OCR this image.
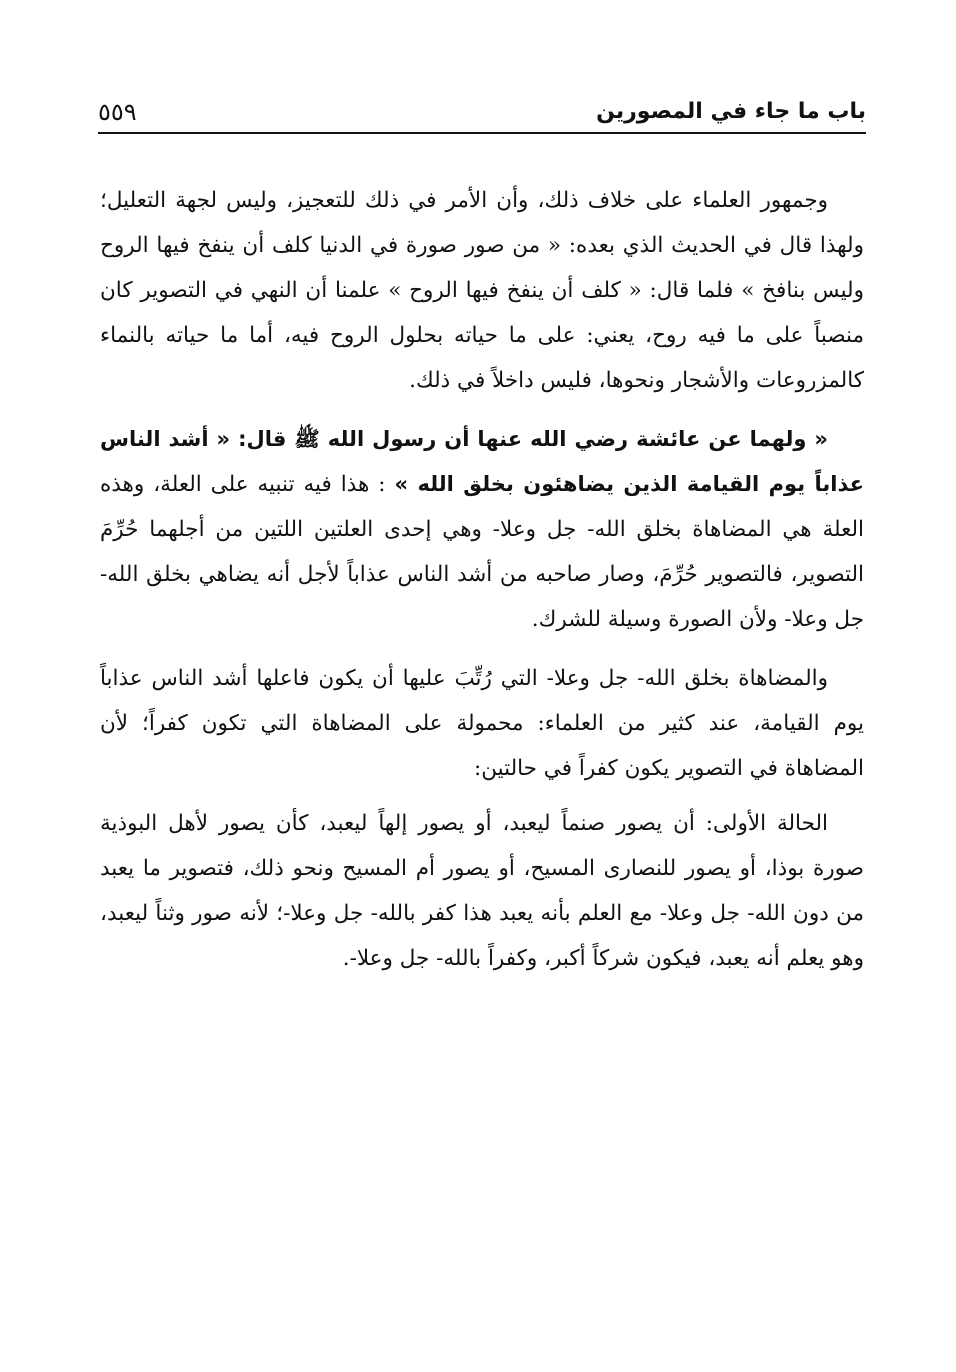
باب ما جاء في المصورين
٥٥٩

وجمهور العلماء على خلاف ذلك، وأن الأمر في ذلك للتعجيز، وليس لجهة التعليل؛ ولهذا قال في الحديث الذي بعده: « من صور صورة في الدنيا كلف أن ينفخ فيها الروح وليس بنافخ » فلما قال: « كلف أن ينفخ فيها الروح » علمنا أن النهي في التصوير كان منصباً على ما فيه روح، يعني: على ما حياته بحلول الروح فيه، أما ما حياته بالنماء كالمزروعات والأشجار ونحوها، فليس داخلاً في ذلك.

« ولهما عن عائشة رضي الله عنها أن رسول الله ﷺ قال: « أشد الناس عذاباً يوم القيامة الذين يضاهئون بخلق الله » : هذا فيه تنبيه على العلة، وهذه العلة هي المضاهاة بخلق الله- جل وعلا- وهي إحدى العلتين اللتين من أجلهما حُرِّمَ التصوير، فالتصوير حُرِّمَ، وصار صاحبه من أشد الناس عذاباً لأجل أنه يضاهي بخلق الله- جل وعلا- ولأن الصورة وسيلة للشرك.

والمضاهاة بخلق الله- جل وعلا- التي رُتِّبَ عليها أن يكون فاعلها أشد الناس عذاباً يوم القيامة، عند كثير من العلماء: محمولة على المضاهاة التي تكون كفراً؛ لأن المضاهاة في التصوير يكون كفراً في حالتين:

الحالة الأولى: أن يصور صنماً ليعبد، أو يصور إلهاً ليعبد، كأن يصور لأهل البوذية صورة بوذا، أو يصور للنصارى المسيح، أو يصور أم المسيح ونحو ذلك، فتصوير ما يعبد من دون الله- جل وعلا- مع العلم بأنه يعبد هذا كفر بالله- جل وعلا-؛ لأنه صور وثناً ليعبد، وهو يعلم أنه يعبد، فيكون شركاً أكبر، وكفراً بالله- جل وعلا-.
